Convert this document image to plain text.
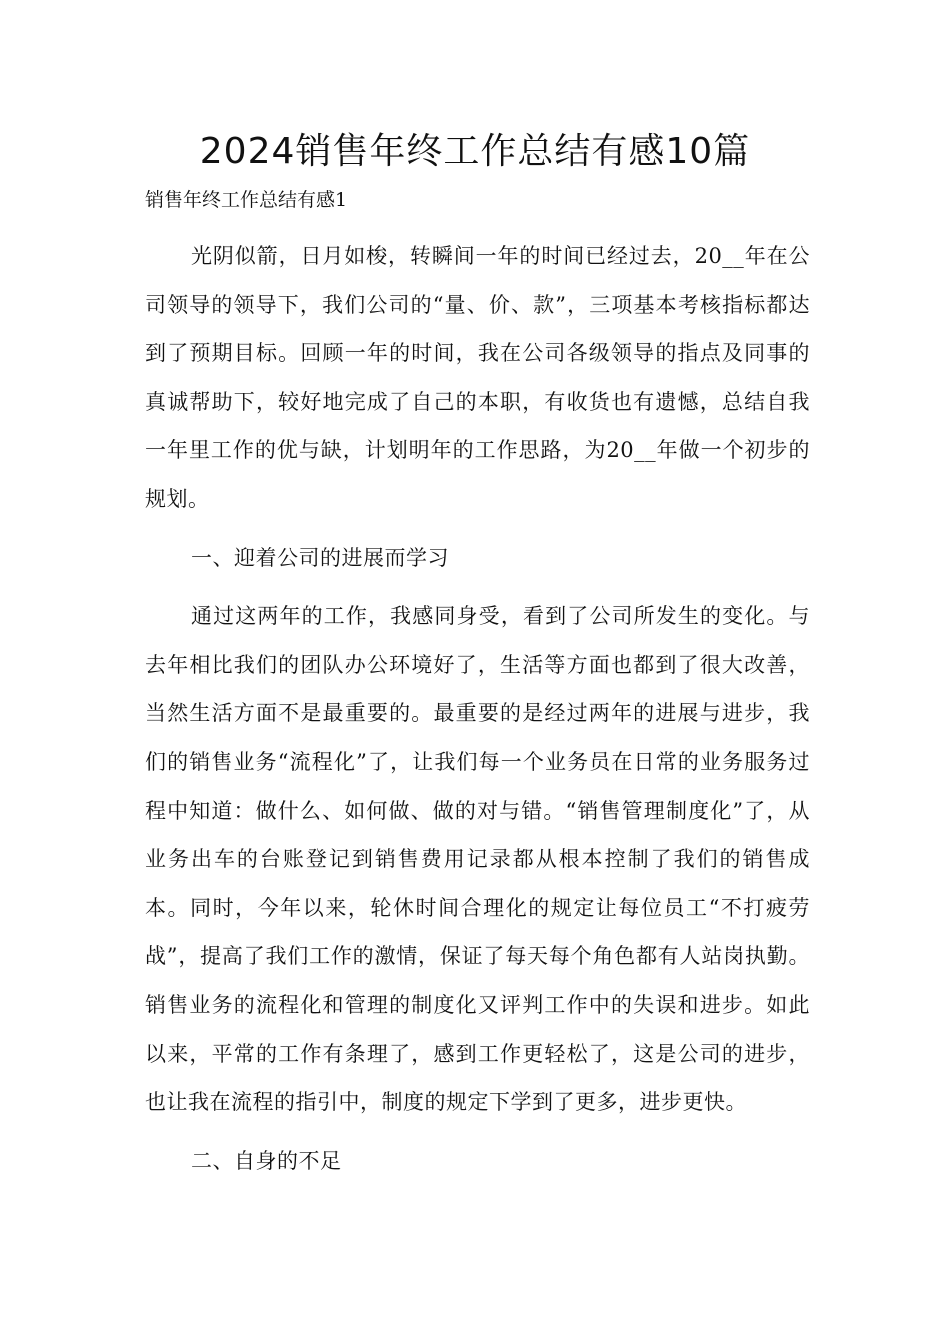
2024销售年终工作总结有感10篇

销售年终工作总结有感1

光阴似箭，日月如梭，转瞬间一年的时间已经过去，20__年在公司领导的领导下，我们公司的“量、价、款”，三项基本考核指标都达到了预期目标。回顾一年的时间，我在公司各级领导的指点及同事的真诚帮助下，较好地完成了自己的本职，有收货也有遗憾，总结自我一年里工作的优与缺，计划明年的工作思路，为20__年做一个初步的规划。

一、迎着公司的进展而学习

通过这两年的工作，我感同身受，看到了公司所发生的变化。与去年相比我们的团队办公环境好了，生活等方面也都到了很大改善，当然生活方面不是最重要的。最重要的是经过两年的进展与进步，我们的销售业务“流程化”了，让我们每一个业务员在日常的业务服务过程中知道：做什么、如何做、做的对与错。“销售管理制度化”了，从业务出车的台账登记到销售费用记录都从根本控制了我们的销售成本。同时，今年以来，轮休时间合理化的规定让每位员工“不打疲劳战”，提高了我们工作的激情，保证了每天每个角色都有人站岗执勤。销售业务的流程化和管理的制度化又评判工作中的失误和进步。如此以来，平常的工作有条理了，感到工作更轻松了，这是公司的进步，也让我在流程的指引中，制度的规定下学到了更多，进步更快。

二、自身的不足
